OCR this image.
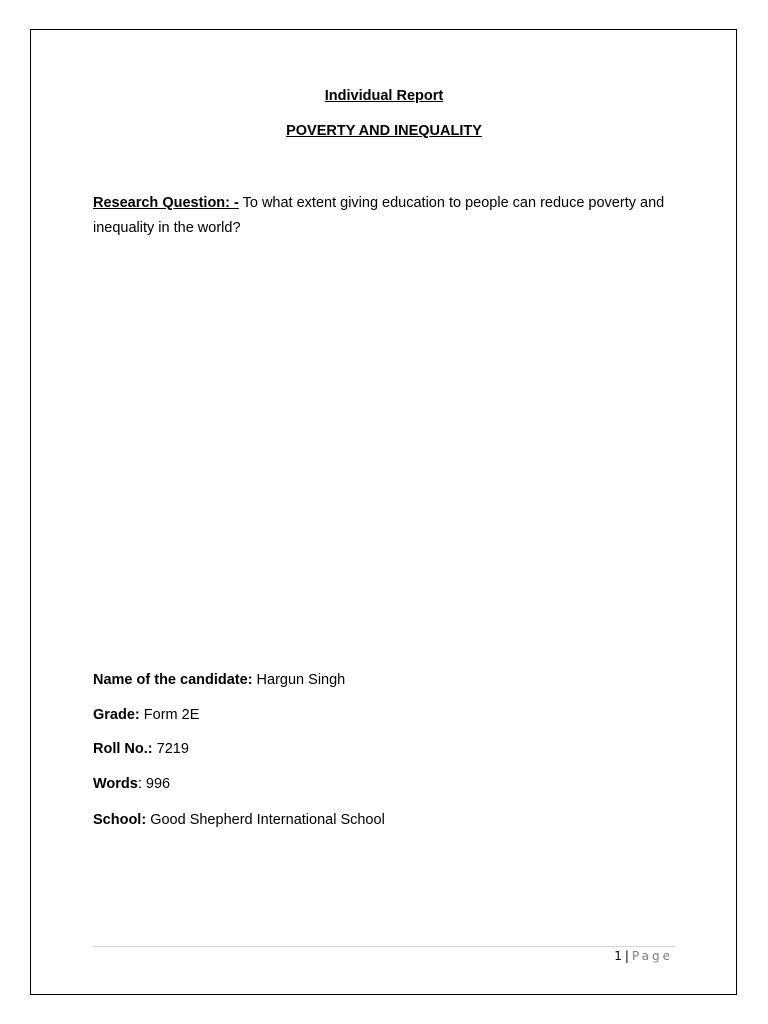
Individual Report
POVERTY AND INEQUALITY
Research Question: - To what extent giving education to people can reduce poverty and inequality in the world?
Name of the candidate: Hargun Singh
Grade: Form 2E
Roll No.: 7219
Words: 996
School: Good Shepherd International School
1 | Page
